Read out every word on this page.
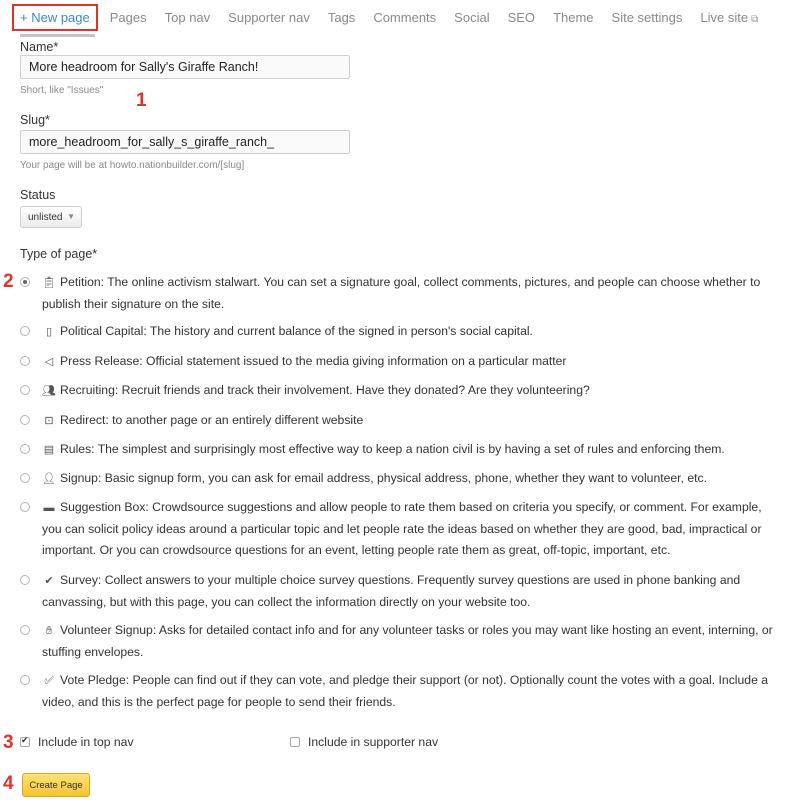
+ New page	Pages Top nav Supporter nav Tags Comments Social SEO Theme Site settings Live site ⧉
Name*
More headroom for Sally's Giraffe Ranch!
Short, like "Issues" 1
Slug*
more_headroom_for_sally_s_giraffe_ranch_
Your page will be at howto.nationbuilder.com/[slug]
Status
unlisted ▼
Type of page*
2	📋︎ Petition: The online activism stalwart. You can set a signature goal, collect comments, pictures, and people can choose whether to publish their signature on the site.
▯ Political Capital: The history and current balance of the signed in person's social capital.
◁ Press Release: Official statement issued to the media giving information on a particular matter
👥︎ Recruiting: Recruit friends and track their involvement. Have they donated? Are they volunteering?
⊡ Redirect: to another page or an entirely different website
▤ Rules: The simplest and surprisingly most effective way to keep a nation civil is by having a set of rules and enforcing them.
👤︎ Signup: Basic signup form, you can ask for email address, physical address, phone, whether they want to volunteer, etc.
▬ Suggestion Box: Crowdsource suggestions and allow people to rate them based on criteria you specify, or comment. For example, you can solicit policy ideas around a particular topic and let people rate the ideas based on whether they are good, bad, impractical or important. Or you can crowdsource questions for an event, letting people rate them as great, off-topic, important, etc.
✔ Survey: Collect answers to your multiple choice survey questions. Frequently survey questions are used in phone banking and canvassing, but with this page, you can collect the information directly on your website too.
✋︎ Volunteer Signup: Asks for detailed contact info and for any volunteer tasks or roles you may want like hosting an event, interning, or stuffing envelopes.
✅︎ Vote Pledge: People can find out if they can vote, and pledge their support (or not). Optionally count the votes with a goal. Include a video, and this is the perfect page for people to send their friends.
3
✔ Include in top nav	Include in supporter nav
4	Create Page
